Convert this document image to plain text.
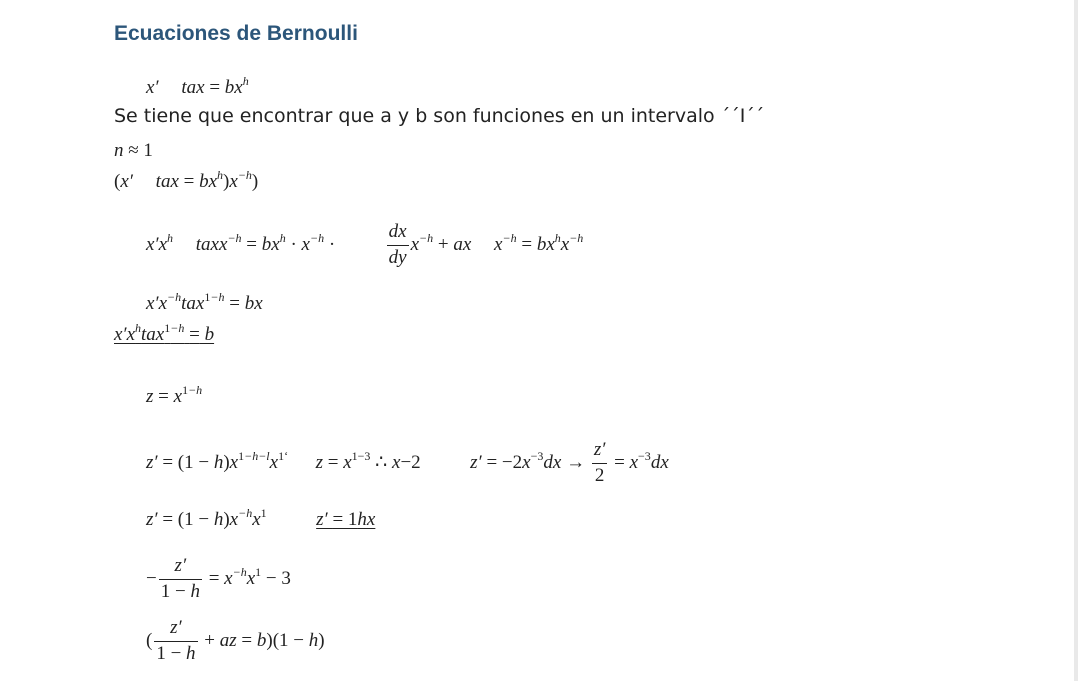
Ecuaciones de Bernoulli
x′ tax = $bx^h$
Se tiene que encontrar que a y b son funciones en un intervalo ´´I´´
n ≈ 1
(x′ tax = $bx^h)x^{-h}$)
$x'x^h$ taxx$^{-h}$ = $bx^h \cdot x^{-h}$ ·	$\frac{dx}{dy} x^{-h}$ + ax $x^{-h} = bx^hx^{-h}$
$x'x^{-h}tax^{1-h}$ = bx
$x'x^htax^{1-h} = b$
$z = x^{1-h}$
$z' = (1 - h)x^{1-h-l}x^{1‘}$  $z = x^{1-3}$ ∴ x−2  $z' = -2x^{-3}dx \to \frac{z'}{2} = x^{-3}dx$
$z' = (1 - h)x^{-h}x^1$	z′ = 1hx
− $\frac{z'}{1 - h} = x^{-h}x^1 - 3$
( $\frac{z'}{1 - h}$ + az = b)(1 − h)
